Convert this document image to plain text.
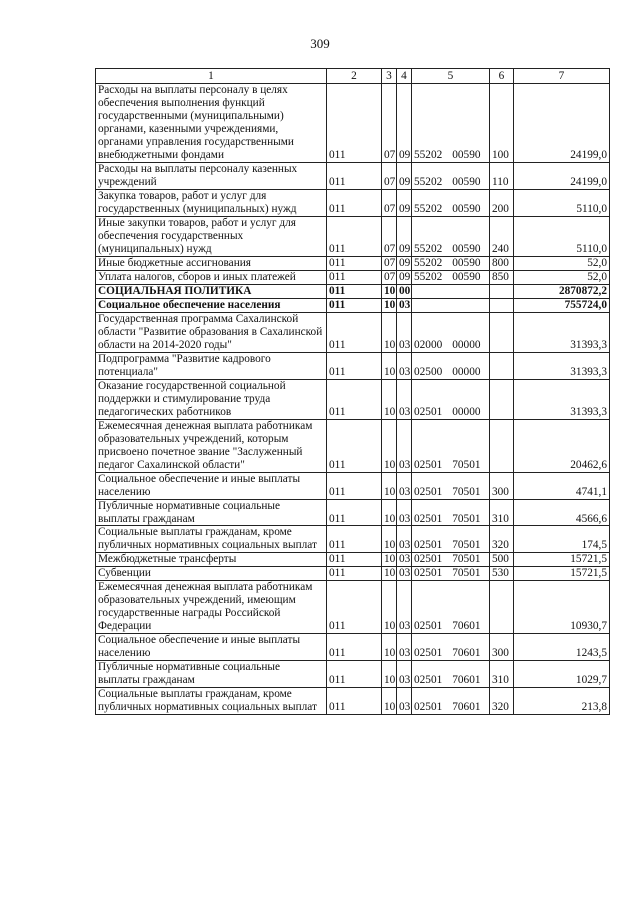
309
1	2	3	4	5	6	7
Расходы на выплаты персоналу в целях обеспечения выполнения функций государственными (муниципальными) органами, казенными учреждениями, органами управления государственными внебюджетными фондами	011	07	09	55202 00590	100	24199,0
Расходы на выплаты персоналу казенных учреждений	011	07	09	55202 00590	110	24199,0
Закупка товаров, работ и услуг для государственных (муниципальных) нужд	011	07	09	55202 00590	200	5110,0
Иные закупки товаров, работ и услуг для обеспечения государственных (муниципальных) нужд	011	07	09	55202 00590	240	5110,0
Иные бюджетные ассигнования	011	07	09	55202 00590	800	52,0
Уплата налогов, сборов и иных платежей	011	07	09	55202 00590	850	52,0
СОЦИАЛЬНАЯ ПОЛИТИКА	011	10	00			2870872,2
Социальное обеспечение населения	011	10	03			755724,0
Государственная программа Сахалинской области "Развитие образования в Сахалинской области на 2014-2020 годы"	011	10	03	02000 00000		31393,3
Подпрограмма "Развитие кадрового потенциала"	011	10	03	02500 00000		31393,3
Оказание государственной социальной поддержки и стимулирование труда педагогических работников	011	10	03	02501 00000		31393,3
Ежемесячная денежная выплата работникам образовательных учреждений, которым присвоено почетное звание "Заслуженный педагог Сахалинской области"	011	10	03	02501 70501		20462,6
Социальное обеспечение и иные выплаты населению	011	10	03	02501 70501	300	4741,1
Публичные нормативные социальные выплаты гражданам	011	10	03	02501 70501	310	4566,6
Социальные выплаты гражданам, кроме публичных нормативных социальных выплат	011	10	03	02501 70501	320	174,5
Межбюджетные трансферты	011	10	03	02501 70501	500	15721,5
Субвенции	011	10	03	02501 70501	530	15721,5
Ежемесячная денежная выплата работникам образовательных учреждений, имеющим государственные награды Российской Федерации	011	10	03	02501 70601		10930,7
Социальное обеспечение и иные выплаты населению	011	10	03	02501 70601	300	1243,5
Публичные нормативные социальные выплаты гражданам	011	10	03	02501 70601	310	1029,7
Социальные выплаты гражданам, кроме публичных нормативных социальных выплат	011	10	03	02501 70601	320	213,8
